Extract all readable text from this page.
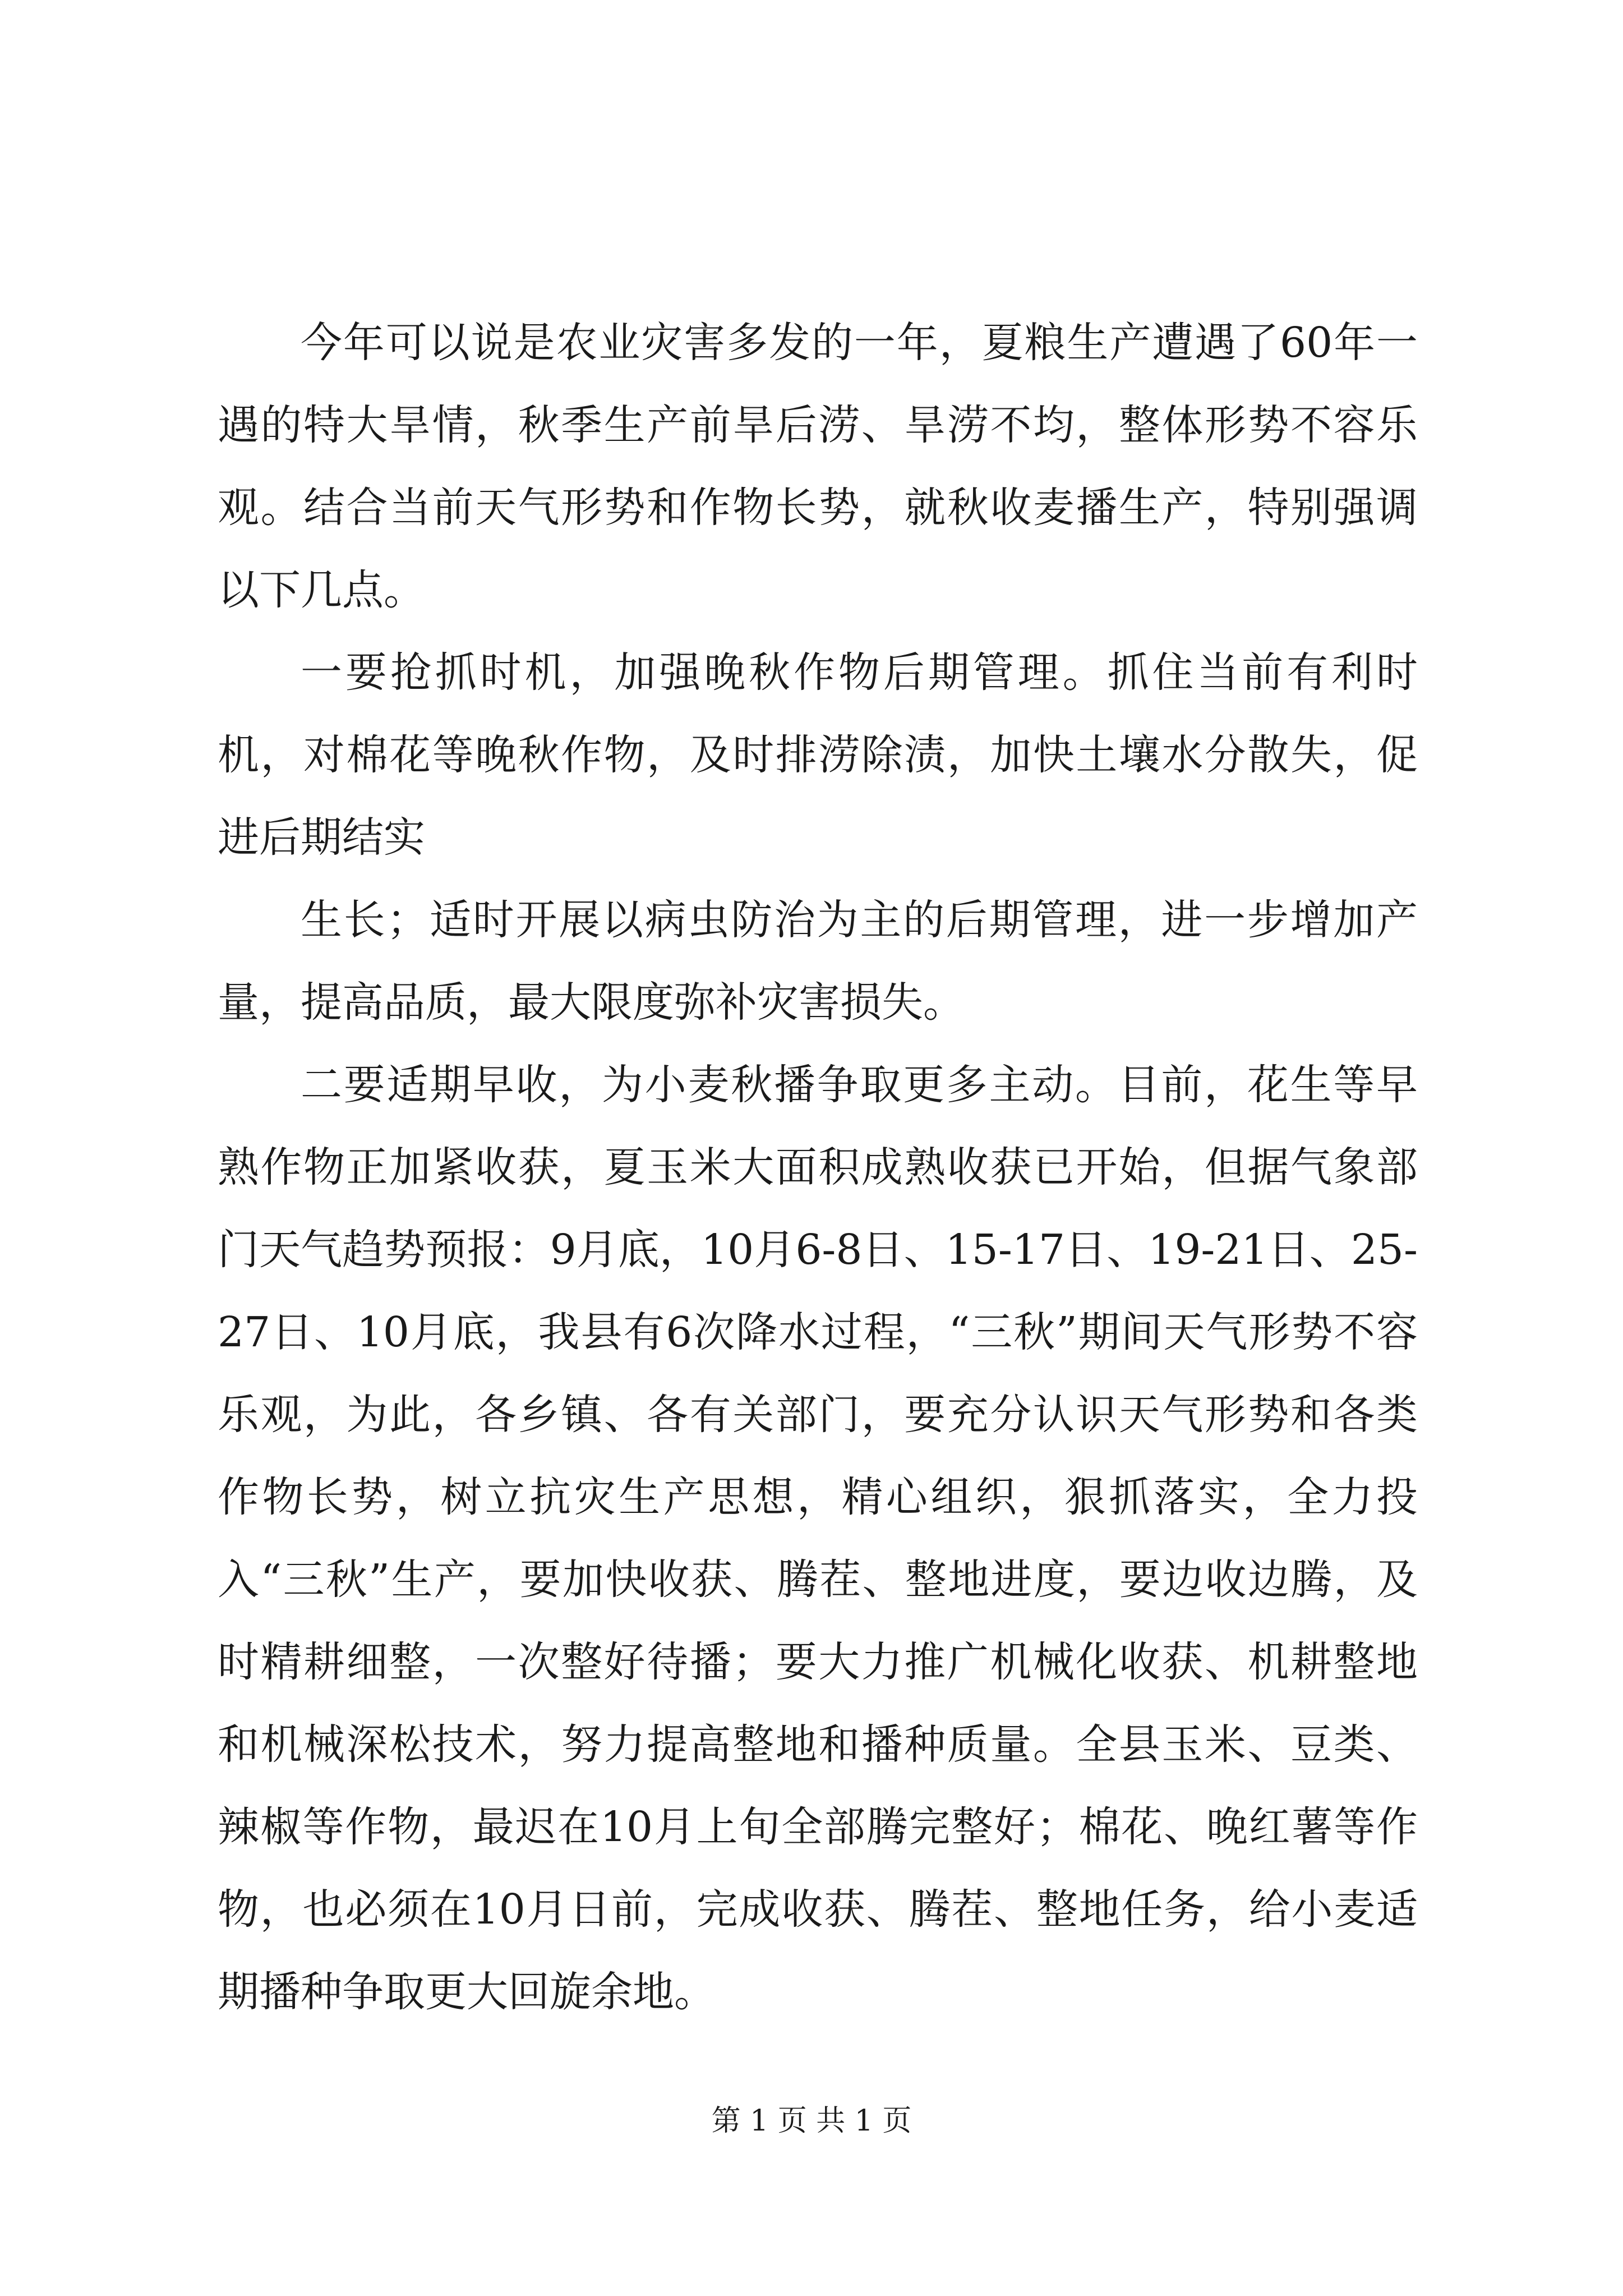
今年可以说是农业灾害多发的一年，夏粮生产遭遇了60年一遇的特大旱情，秋季生产前旱后涝、旱涝不均，整体形势不容乐观。结合当前天气形势和作物长势，就秋收麦播生产，特别强调以下几点。

一要抢抓时机，加强晚秋作物后期管理。抓住当前有利时机，对棉花等晚秋作物，及时排涝除渍，加快土壤水分散失，促进后期结实

生长；适时开展以病虫防治为主的后期管理，进一步增加产量，提高品质，最大限度弥补灾害损失。

二要适期早收，为小麦秋播争取更多主动。目前，花生等早熟作物正加紧收获，夏玉米大面积成熟收获已开始，但据气象部门天气趋势预报：9月底，10月6-8日、15-17日、19-21日、25-27日、10月底，我县有6次降水过程，“三秋”期间天气形势不容乐观，为此，各乡镇、各有关部门，要充分认识天气形势和各类作物长势，树立抗灾生产思想，精心组织，狠抓落实，全力投入“三秋”生产，要加快收获、腾茬、整地进度，要边收边腾，及时精耕细整，一次整好待播；要大力推广机械化收获、机耕整地和机械深松技术，努力提高整地和播种质量。全县玉米、豆类、辣椒等作物，最迟在10月上旬全部腾完整好；棉花、晚红薯等作物，也必须在10月日前，完成收获、腾茬、整地任务，给小麦适期播种争取更大回旋余地。

第 1 页 共 1 页
